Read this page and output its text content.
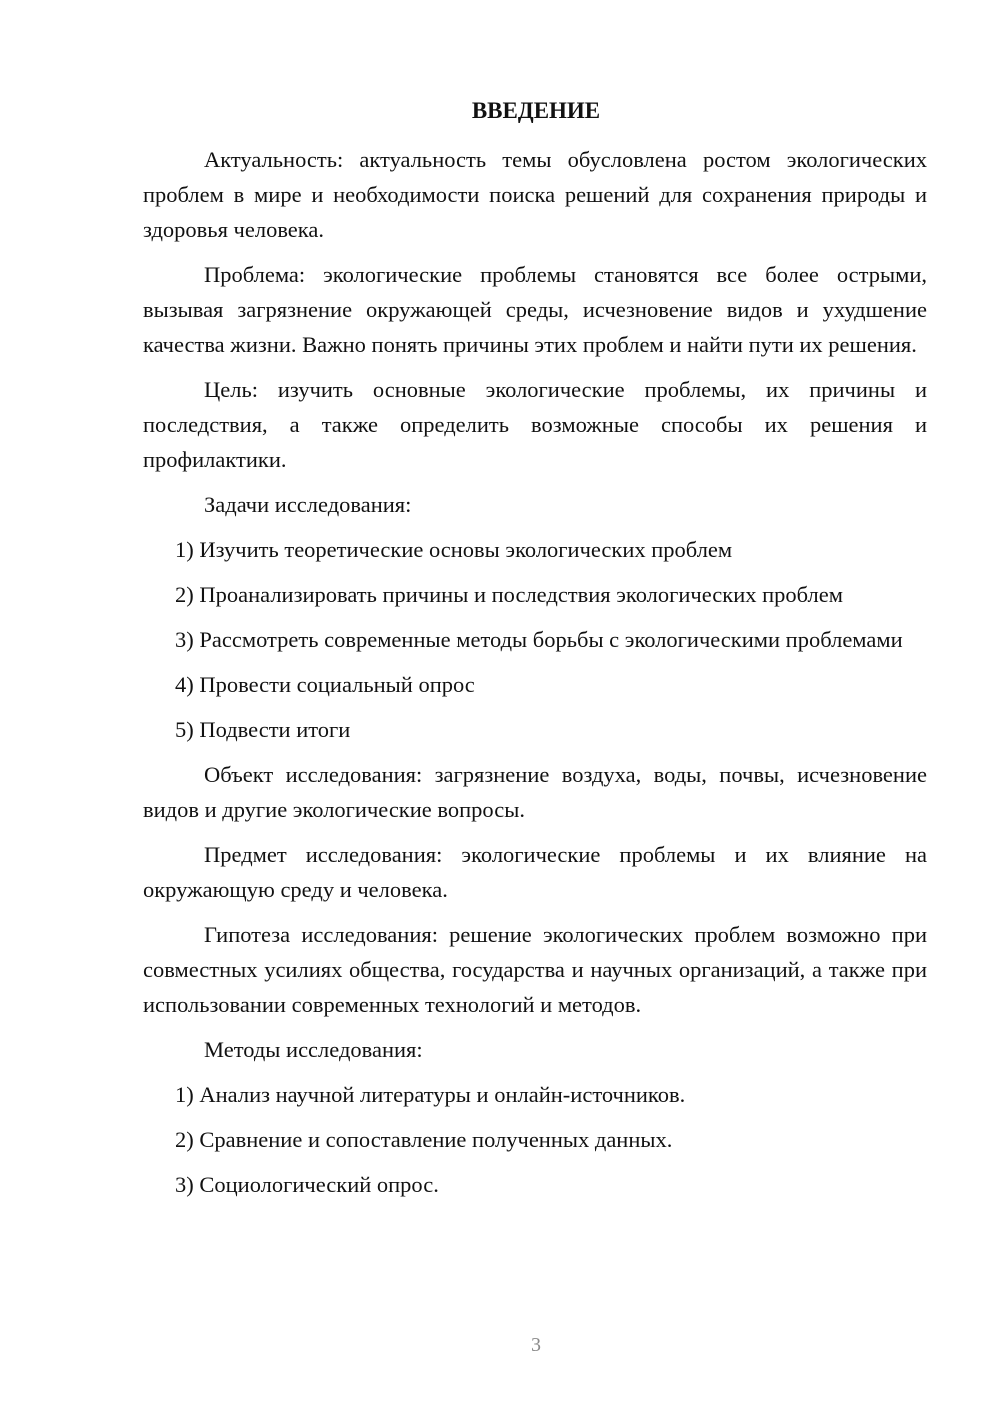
ВВЕДЕНИЕ

Актуальность: актуальность темы обусловлена ростом экологических проблем в мире и необходимости поиска решений для сохранения природы и здоровья человека.

Проблема: экологические проблемы становятся все более острыми, вызывая загрязнение окружающей среды, исчезновение видов и ухудшение качества жизни. Важно понять причины этих проблем и найти пути их решения.

Цель: изучить основные экологические проблемы, их причины и последствия, а также определить возможные способы их решения и профилактики.

Задачи исследования:

1) Изучить теоретические основы экологических проблем

2) Проанализировать причины и последствия экологических проблем

3) Рассмотреть современные методы борьбы с экологическими проблемами

4) Провести социальный опрос

5) Подвести итоги

Объект исследования: загрязнение воздуха, воды, почвы, исчезновение видов и другие экологические вопросы.

Предмет исследования: экологические проблемы и их влияние на окружающую среду и человека.

Гипотеза исследования: решение экологических проблем возможно при совместных усилиях общества, государства и научных организаций, а также при использовании современных технологий и методов.

Методы исследования:

1) Анализ научной литературы и онлайн-источников.

2) Сравнение и сопоставление полученных данных.

3) Социологический опрос.

3
